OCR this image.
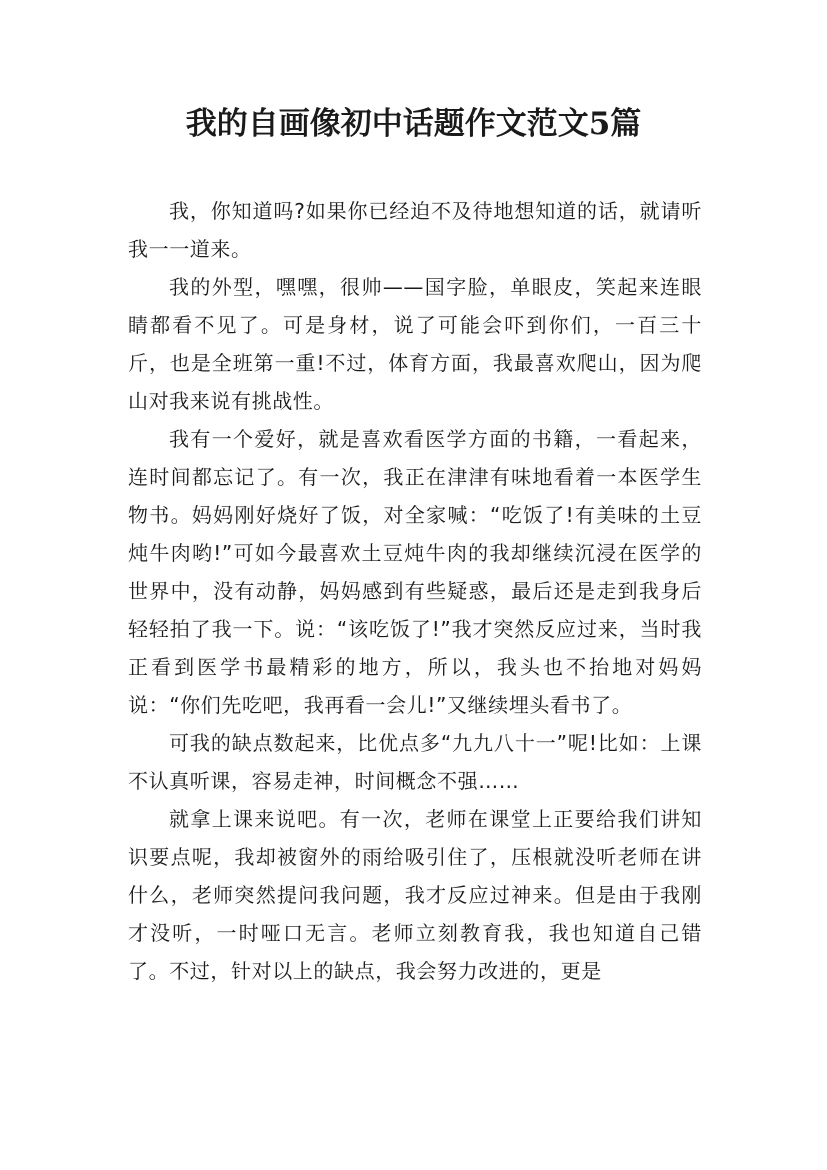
我的自画像初中话题作文范文5篇

我，你知道吗?如果你已经迫不及待地想知道的话，就请听我一一道来。

我的外型，嘿嘿，很帅——国字脸，单眼皮，笑起来连眼睛都看不见了。可是身材，说了可能会吓到你们，一百三十斤，也是全班第一重!不过，体育方面，我最喜欢爬山，因为爬山对我来说有挑战性。

我有一个爱好，就是喜欢看医学方面的书籍，一看起来，连时间都忘记了。有一次，我正在津津有味地看着一本医学生物书。妈妈刚好烧好了饭，对全家喊：“吃饭了!有美味的土豆炖牛肉哟!”可如今最喜欢土豆炖牛肉的我却继续沉浸在医学的世界中，没有动静，妈妈感到有些疑惑，最后还是走到我身后轻轻拍了我一下。说：“该吃饭了!”我才突然反应过来，当时我正看到医学书最精彩的地方，所以，我头也不抬地对妈妈说：“你们先吃吧，我再看一会儿!”又继续埋头看书了。

可我的缺点数起来，比优点多“九九八十一”呢!比如：上课不认真听课，容易走神，时间概念不强……

就拿上课来说吧。有一次，老师在课堂上正要给我们讲知识要点呢，我却被窗外的雨给吸引住了，压根就没听老师在讲什么，老师突然提问我问题，我才反应过神来。但是由于我刚才没听，一时哑口无言。老师立刻教育我，我也知道自己错了。不过，针对以上的缺点，我会努力改进的，更是
